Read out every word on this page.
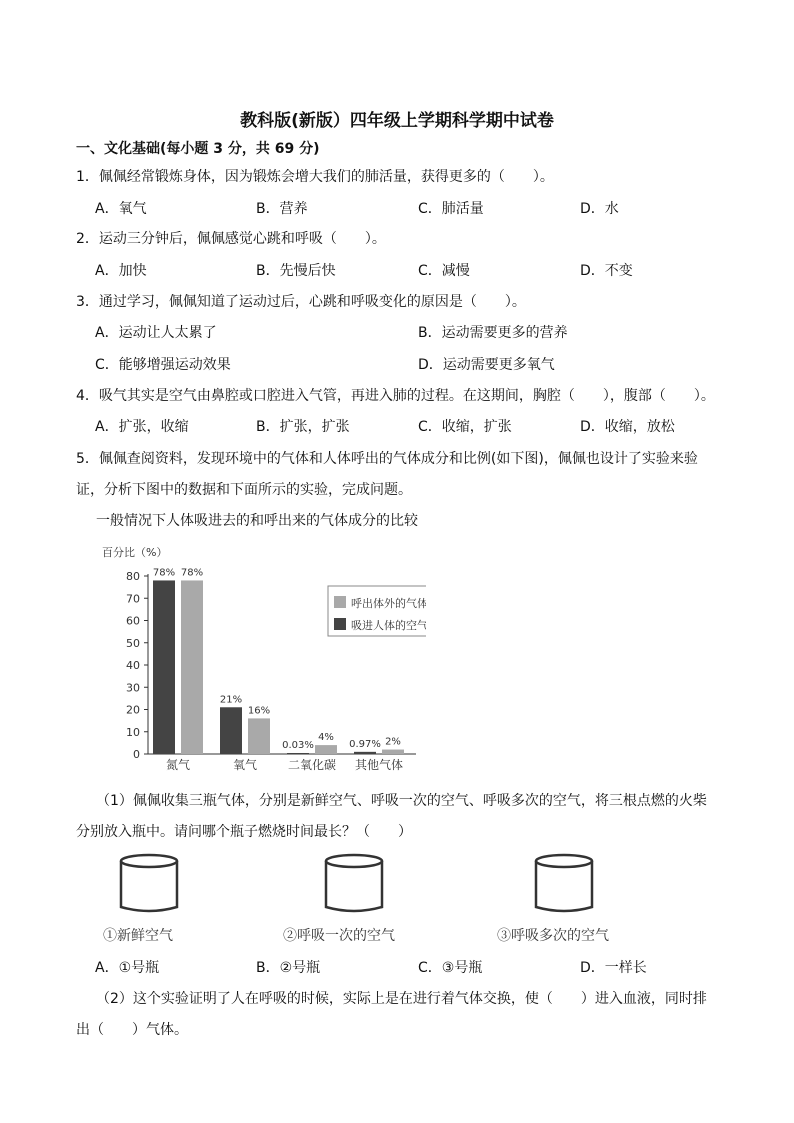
教科版(新版）四年级上学期科学期中试卷
一、文化基础(每小题 3 分，共 69 分)
1．佩佩经常锻炼身体，因为锻炼会增大我们的肺活量，获得更多的（　　）。
A．氧气	B．营养	C．肺活量	D．水
2．运动三分钟后，佩佩感觉心跳和呼吸（　　）。
A．加快	B．先慢后快	C．减慢	D．不变
3．通过学习，佩佩知道了运动过后，心跳和呼吸变化的原因是（　　）。
A．运动让人太累了	B．运动需要更多的营养
C．能够增强运动效果	D．运动需要更多氧气
4．吸气其实是空气由鼻腔或口腔进入气管，再进入肺的过程。在这期间，胸腔（　　），腹部（　　）。
A．扩张，收缩	B．扩张，扩张	C．收缩，扩张	D．收缩，放松
5．佩佩查阅资料，发现环境中的气体和人体呼出的气体成分和比例(如下图)，佩佩也设计了实验来验
证，分析下图中的数据和下面所示的实验，完成问题。
一般情况下人体吸进去的和呼出来的气体成分的比较
百分比（%）
0
10
20
30
40
50
60
70
80 78% 78%
氮气
21%
16%
氧气
0.03%
4%
二氧化碳
0.97% 2%
其他气体
呼出体外的气体
吸进人体的空气
（1）佩佩收集三瓶气体，分别是新鲜空气、呼吸一次的空气、呼吸多次的空气，将三根点燃的火柴
分别放入瓶中。请问哪个瓶子燃烧时间最长？（　　）
①新鲜空气	②呼吸一次的空气	③呼吸多次的空气
A．①号瓶	B．②号瓶	C．③号瓶	D．一样长
（2）这个实验证明了人在呼吸的时候，实际上是在进行着气体交换，使（　　）进入血液，同时排
出（　　）气体。
